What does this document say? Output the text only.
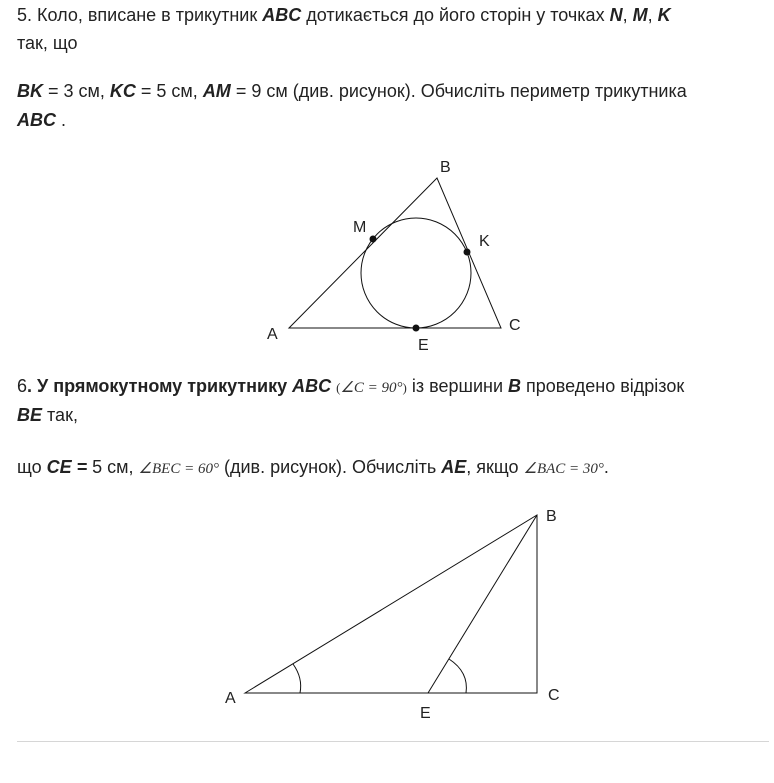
5. Коло, вписане в трикутник ABC дотикається до його сторін у точках N, M, K

так, що

BK = 3 см, KC = 5 см, AM = 9 см (див. рисунок). Обчисліть периметр трикутника

ABC .

A
B
C
M
K
E

6. У прямокутному трикутнику ABC (∠C = 90°) із вершини B проведено відрізок

BE так,

що CE = 5 см, ∠BEC = 60° (див. рисунок). Обчисліть AE, якщо ∠BAC = 30°.

A
B
C
E
